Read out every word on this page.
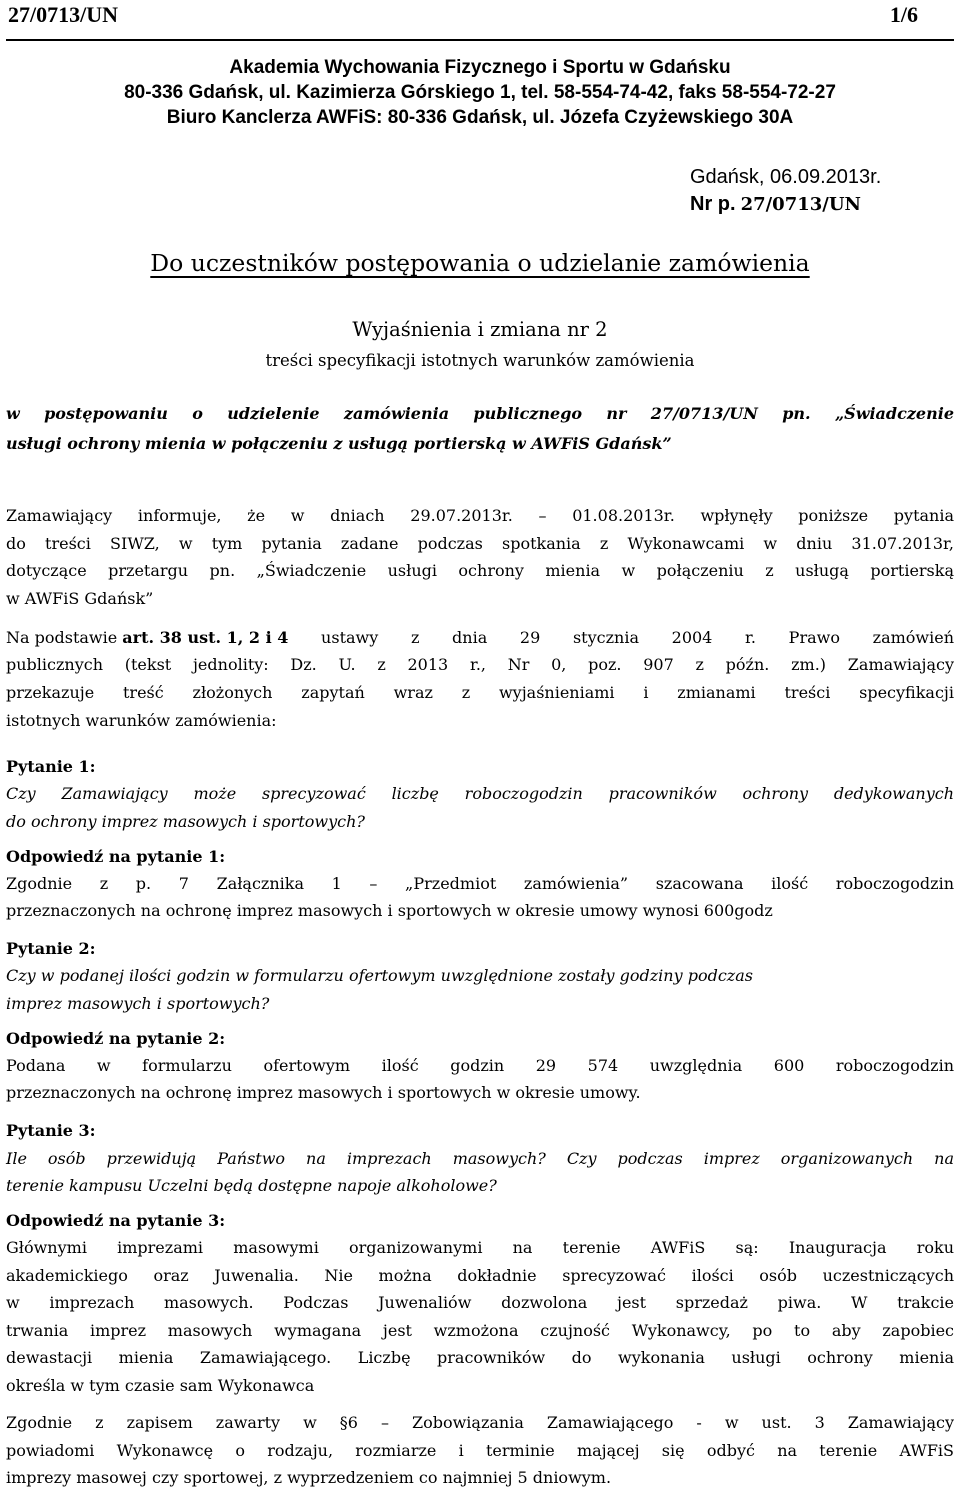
27/0713/UN	1/6
Akademia Wychowania Fizycznego i Sportu w Gdańsku
80-336 Gdańsk, ul. Kazimierza Górskiego 1, tel. 58-554-74-42, faks 58-554-72-27
Biuro Kanclerza AWFiS: 80-336 Gdańsk, ul. Józefa Czyżewskiego 30A
Gdańsk, 06.09.2013r.
Nr p. 27/0713/UN
Do uczestników postępowania o udzielanie zamówienia
Wyjaśnienia i zmiana nr 2
treści specyfikacji istotnych warunków zamówienia
w postępowaniu o udzielenie zamówienia publicznego nr 27/0713/UN pn. „Świadczenie
usługi ochrony mienia w połączeniu z usługą portierską w AWFiS Gdańsk”
Zamawiający informuje, że w dniach 29.07.2013r. – 01.08.2013r. wpłynęły poniższe pytania
do treści SIWZ, w tym pytania zadane podczas spotkania z Wykonawcami w dniu 31.07.2013r,
dotyczące przetargu pn. „Świadczenie usługi ochrony mienia w połączeniu z usługą portierską
w AWFiS Gdańsk”
Na podstawie art. 38 ust. 1, 2 i 4 ustawy z dnia 29 stycznia 2004 r. Prawo zamówień
publicznych (tekst jednolity: Dz. U. z 2013 r., Nr 0, poz. 907 z późn. zm.) Zamawiający
przekazuje treść złożonych zapytań wraz z wyjaśnieniami i zmianami treści specyfikacji
istotnych warunków zamówienia:
Pytanie 1:
Czy Zamawiający może sprecyzować liczbę roboczogodzin pracowników ochrony dedykowanych
do ochrony imprez masowych i sportowych?
Odpowiedź na pytanie 1:
Zgodnie z p. 7 Załącznika 1 – „Przedmiot zamówienia” szacowana ilość roboczogodzin
przeznaczonych na ochronę imprez masowych i sportowych w okresie umowy wynosi 600godz
Pytanie 2:
Czy w podanej ilości godzin w formularzu ofertowym uwzględnione zostały godziny podczas
imprez masowych i sportowych?
Odpowiedź na pytanie 2:
Podana w formularzu ofertowym ilość godzin 29 574 uwzględnia 600 roboczogodzin
przeznaczonych na ochronę imprez masowych i sportowych w okresie umowy.
Pytanie 3:
Ile osób przewidują Państwo na imprezach masowych? Czy podczas imprez organizowanych na
terenie kampusu Uczelni będą dostępne napoje alkoholowe?
Odpowiedź na pytanie 3:
Głównymi imprezami masowymi organizowanymi na terenie AWFiS są: Inauguracja roku
akademickiego oraz Juwenalia. Nie można dokładnie sprecyzować ilości osób uczestniczących
w imprezach masowych. Podczas Juwenaliów dozwolona jest sprzedaż piwa. W trakcie
trwania imprez masowych wymagana jest wzmożona czujność Wykonawcy, po to aby zapobiec
dewastacji mienia Zamawiającego. Liczbę pracowników do wykonania usługi ochrony mienia
określa w tym czasie sam Wykonawca
Zgodnie z zapisem zawarty w §6 – Zobowiązania Zamawiającego - w ust. 3 Zamawiający
powiadomi Wykonawcę o rodzaju, rozmiarze i terminie mającej się odbyć na terenie AWFiS
imprezy masowej czy sportowej, z wyprzedzeniem co najmniej 5 dniowym.
